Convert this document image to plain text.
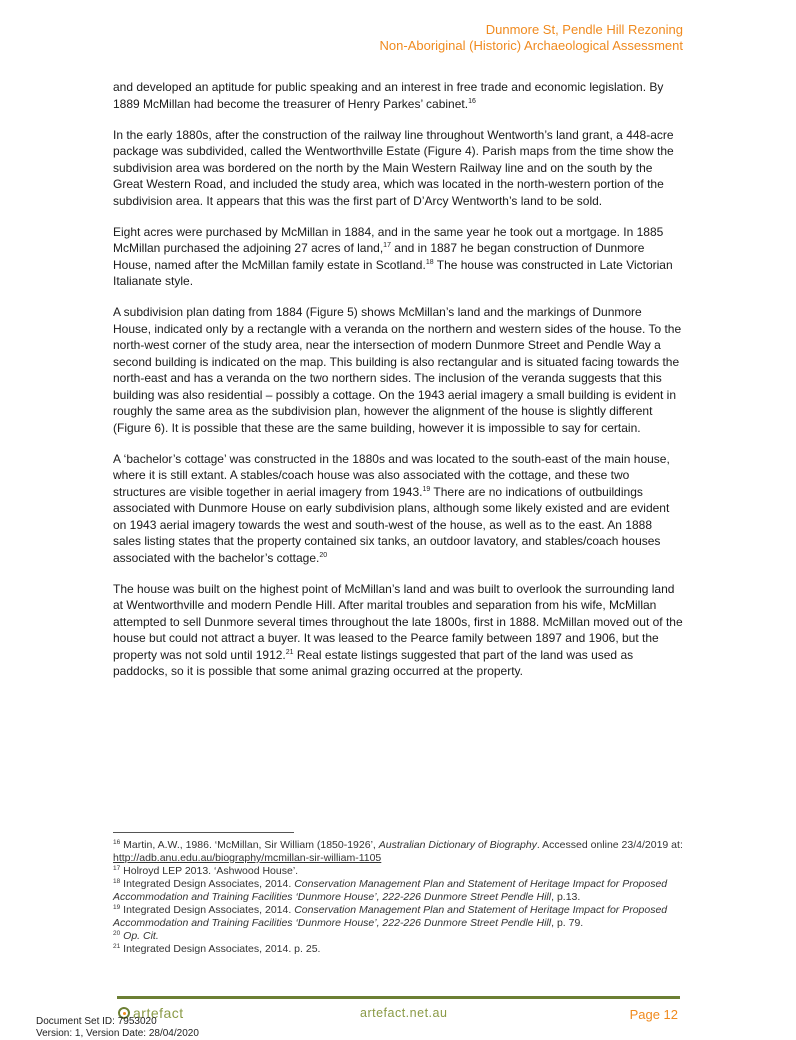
Dunmore St, Pendle Hill Rezoning
Non-Aboriginal (Historic) Archaeological Assessment

and developed an aptitude for public speaking and an interest in free trade and economic legislation. By 1889 McMillan had become the treasurer of Henry Parkes’ cabinet.$^{16}$

In the early 1880s, after the construction of the railway line throughout Wentworth’s land grant, a 448-acre package was subdivided, called the Wentworthville Estate (Figure 4). Parish maps from the time show the subdivision area was bordered on the north by the Main Western Railway line and on the south by the Great Western Road, and included the study area, which was located in the north-western portion of the subdivision area. It appears that this was the first part of D’Arcy Wentworth’s land to be sold.

Eight acres were purchased by McMillan in 1884, and in the same year he took out a mortgage. In 1885 McMillan purchased the adjoining 27 acres of land,$^{17}$ and in 1887 he began construction of Dunmore House, named after the McMillan family estate in Scotland.$^{18}$ The house was constructed in Late Victorian Italianate style.

A subdivision plan dating from 1884 (Figure 5) shows McMillan’s land and the markings of Dunmore House, indicated only by a rectangle with a veranda on the northern and western sides of the house. To the north-west corner of the study area, near the intersection of modern Dunmore Street and Pendle Way a second building is indicated on the map. This building is also rectangular and is situated facing towards the north-east and has a veranda on the two northern sides. The inclusion of the veranda suggests that this building was also residential – possibly a cottage. On the 1943 aerial imagery a small building is evident in roughly the same area as the subdivision plan, however the alignment of the house is slightly different (Figure 6). It is possible that these are the same building, however it is impossible to say for certain.

A ‘bachelor’s cottage’ was constructed in the 1880s and was located to the south-east of the main house, where it is still extant. A stables/coach house was also associated with the cottage, and these two structures are visible together in aerial imagery from 1943.19 There are no indications of outbuildings associated with Dunmore House on early subdivision plans, although some likely existed and are evident on 1943 aerial imagery towards the west and south-west of the house, as well as to the east. An 1888 sales listing states that the property contained six tanks, an outdoor lavatory, and stables/coach houses associated with the bachelor’s cottage.$^{20}$

The house was built on the highest point of McMillan’s land and was built to overlook the surrounding land at Wentworthville and modern Pendle Hill. After marital troubles and separation from his wife, McMillan attempted to sell Dunmore several times throughout the late 1800s, first in 1888. McMillan moved out of the house but could not attract a buyer. It was leased to the Pearce family between 1897 and 1906, but the property was not sold until 1912.21 Real estate listings suggested that part of the land was used as paddocks, so it is possible that some animal grazing occurred at the property.

$^{16}$ Martin, A.W., 1986. ‘McMillan, Sir William (1850-1926’, Australian Dictionary of Biography. Accessed online 23/4/2019 at: http://adb.anu.edu.au/biography/mcmillan-sir-william-1105
$^{17}$ Holroyd LEP 2013. ‘Ashwood House’.
$^{18}$ Integrated Design Associates, 2014. Conservation Management Plan and Statement of Heritage Impact for Proposed Accommodation and Training Facilities ‘Dunmore House’, 222-226 Dunmore Street Pendle Hill, p.13.
$^{19}$ Integrated Design Associates, 2014. Conservation Management Plan and Statement of Heritage Impact for Proposed Accommodation and Training Facilities ‘Dunmore House’, 222-226 Dunmore Street Pendle Hill, p. 79.
$^{20}$ Op. Cit.
$^{21}$ Integrated Design Associates, 2014. p. 25.
artefact	artefact.net.au	Page 12
Document Set ID: 7953020
Version: 1, Version Date: 28/04/2020
